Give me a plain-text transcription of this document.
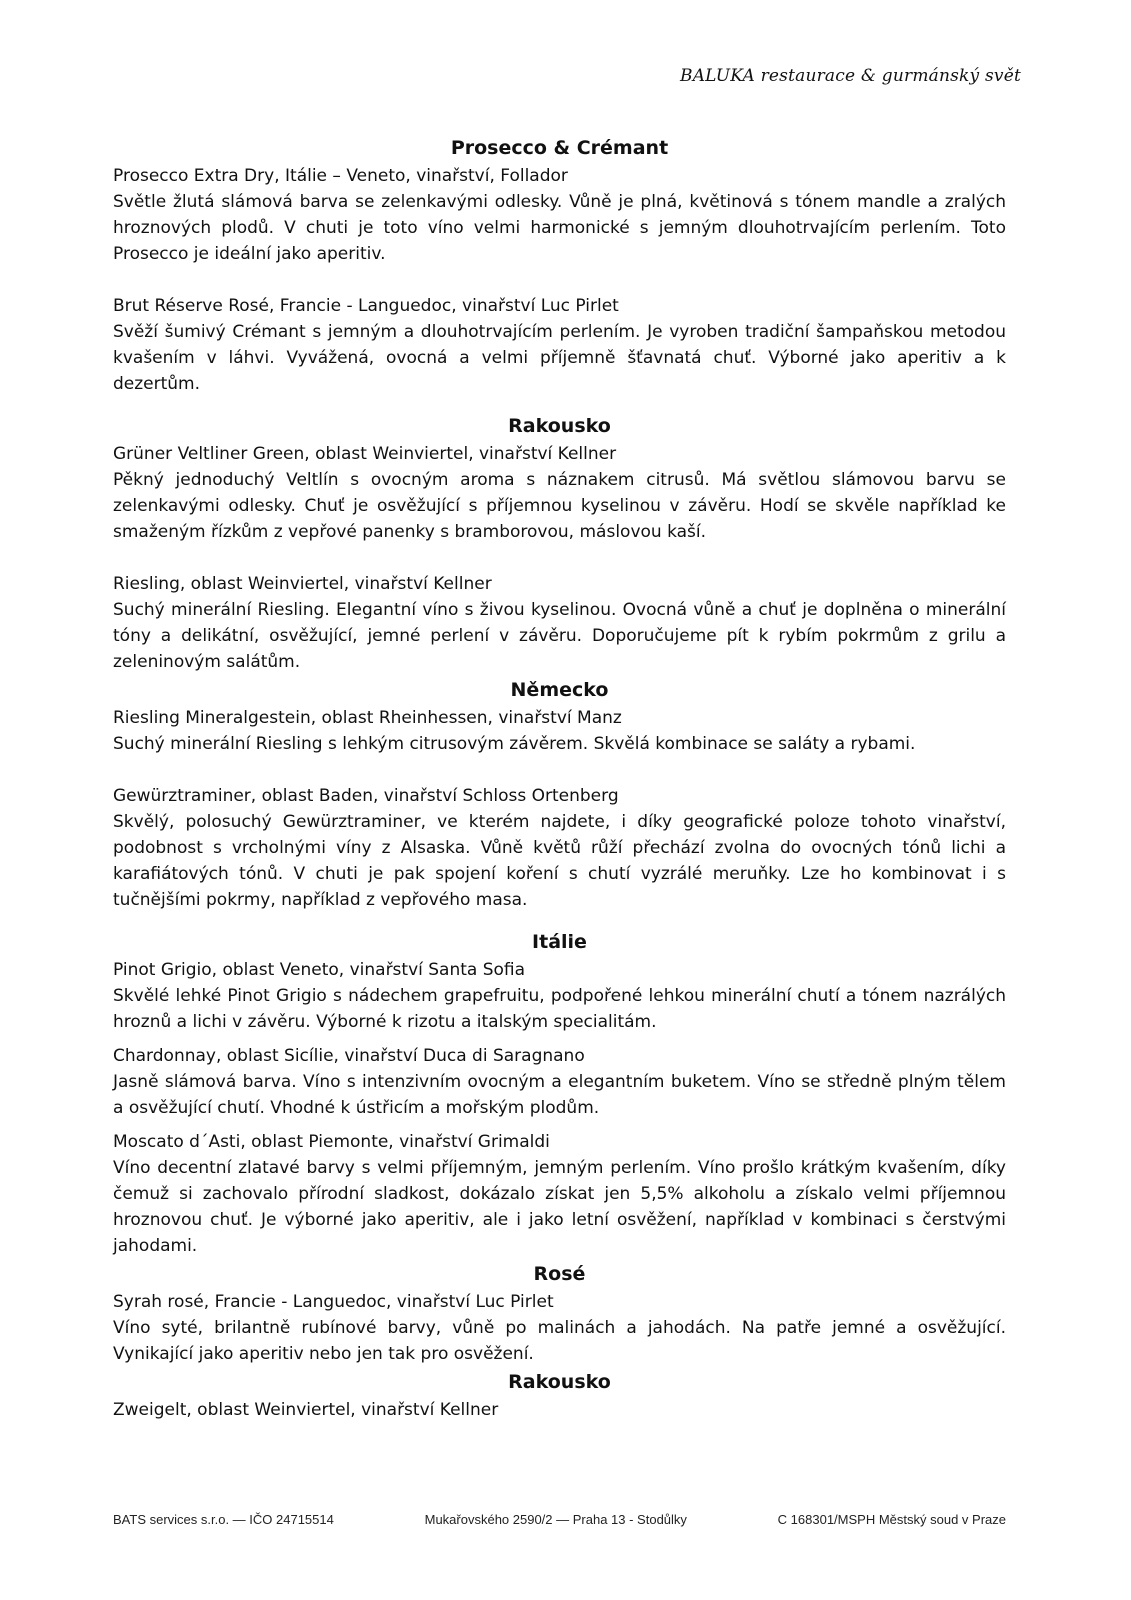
BALUKA restaurace & gurmánský svět
Prosecco & Crémant

Prosecco Extra Dry, Itálie – Veneto, vinařství, Follador

Světle žlutá slámová barva se zelenkavými odlesky. Vůně je plná, květinová s tónem mandle a zralých hroznových plodů. V chuti je toto víno velmi harmonické s jemným dlouhotrvajícím perlením. Toto Prosecco je ideální jako aperitiv.

Brut Réserve Rosé, Francie - Languedoc, vinařství Luc Pirlet

Svěží šumivý Crémant s jemným a dlouhotrvajícím perlením. Je vyroben tradiční šampaňskou metodou kvašením v láhvi. Vyvážená, ovocná a velmi příjemně šťavnatá chuť. Výborné jako aperitiv a k dezertům.

Rakousko

Grüner Veltliner Green, oblast Weinviertel, vinařství Kellner

Pěkný jednoduchý Veltlín s ovocným aroma s náznakem citrusů. Má světlou slámovou barvu se zelenkavými odlesky. Chuť je osvěžující s příjemnou kyselinou v závěru. Hodí se skvěle například ke smaženým řízkům z vepřové panenky s bramborovou, máslovou kaší.

Riesling, oblast Weinviertel, vinařství Kellner

Suchý minerální Riesling. Elegantní víno s živou kyselinou. Ovocná vůně a chuť je doplněna o minerální tóny a delikátní, osvěžující, jemné perlení v závěru. Doporučujeme pít k rybím pokrmům z grilu a zeleninovým salátům.

Německo

Riesling Mineralgestein, oblast Rheinhessen, vinařství Manz

Suchý minerální Riesling s lehkým citrusovým závěrem. Skvělá kombinace se saláty a rybami.

Gewürztraminer, oblast Baden, vinařství Schloss Ortenberg

Skvělý, polosuchý Gewürztraminer, ve kterém najdete, i díky geografické poloze tohoto vinařství, podobnost s vrcholnými víny z Alsaska. Vůně květů růží přechází zvolna do ovocných tónů lichi a karafiátových tónů. V chuti je pak spojení koření s chutí vyzrálé meruňky. Lze ho kombinovat i s tučnějšími pokrmy, například z vepřového masa.

Itálie

Pinot Grigio, oblast Veneto, vinařství Santa Sofia

Skvělé lehké Pinot Grigio s nádechem grapefruitu, podpořené lehkou minerální chutí a tónem nazrálých hroznů a lichi v závěru. Výborné k rizotu a italským specialitám.

Chardonnay, oblast Sicílie, vinařství Duca di Saragnano

Jasně slámová barva. Víno s intenzivním ovocným a elegantním buketem. Víno se středně plným tělem a osvěžující chutí. Vhodné k ústřicím a mořským plodům.

Moscato d´Asti, oblast Piemonte, vinařství Grimaldi

Víno decentní zlatavé barvy s velmi příjemným, jemným perlením. Víno prošlo krátkým kvašením, díky čemuž si zachovalo přírodní sladkost, dokázalo získat jen 5,5% alkoholu a získalo velmi příjemnou hroznovou chuť. Je výborné jako aperitiv, ale i jako letní osvěžení, například v kombinaci s čerstvými jahodami.

Rosé

Syrah rosé, Francie - Languedoc, vinařství Luc Pirlet

Víno syté, brilantně rubínové barvy, vůně po malinách a jahodách. Na patře jemné a osvěžující. Vynikající jako aperitiv nebo jen tak pro osvěžení.

Rakousko

Zweigelt, oblast Weinviertel, vinařství Kellner

BATS services s.r.o. — IČO 24715514	Mukařovského 2590/2 — Praha 13 - Stodůlky	C 168301/MSPH Městský soud v Praze
